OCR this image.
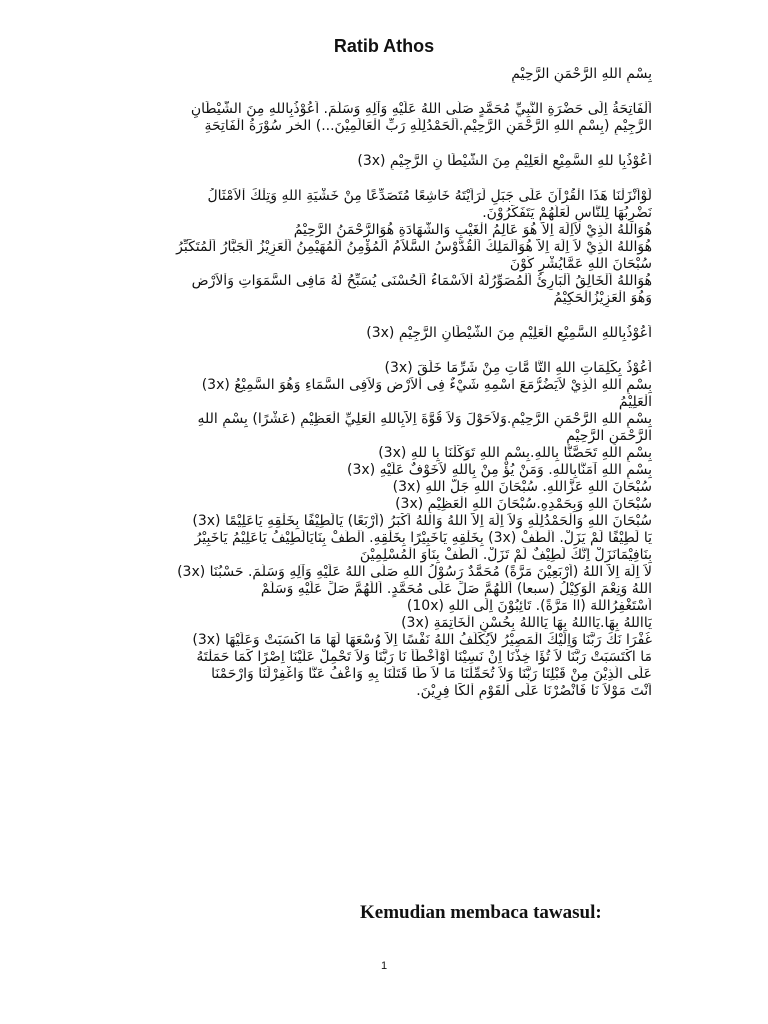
Ratib Athos
بِسْمِ اللهِ الرَّحْمَنِ الرَّحِيْمِ
اَلْفَاتِحَةُ اِلَى حَضْرَةِ النَّبِيِّ مُحَمَّدٍ صَلَّى اللهُ عَلَيْهِ وَآلِهِ وَسَلَّمَ. اَعُوْذُبِاللهِ مِنَ الشَّيْطَانِ
الرَّجِيْمِ (بِسْمِ اللهِ الرَّحْمَنِ الرَّحِيْمِ.اَلْحَمْدُلِلّٰهِ رَبِّ الْعَالَمِيْنَ...) الخر سُوْرَةُ الْفَاتِحَةِ
اَعُوْذُبِا للهِ السَّمِيْعِ الْعَلِيْمِ مِنَ الشَّيْطَا نِ الرَّجِيْمِ (3x)
لَوْاَنْزَلْنَا هَذَا الْقُرْآنَ عَلَى جَبَلٍ لَرَاَيْتَهُ خَاشِعًا مُتَصَدِّعًا مِنْ خَشْيَةِ اللهِ وَتِلْكَ اْلاَمْثَالُ
نَضْرِبُهَا لِلنَّاسِ لَعَلَّهُمْ يَتَفَكَّرُوْنَ.
هُوَاللهُ الَّذِيْ لاَاِلَهَ اِلاَّ هُوَ عَالِمُ الْغَيْبِ وَالشَّهَادَةِ هُوَالرَّحْمَنُ الرَّحِيْمُ
هُوَاللهُ الَّذِيْ لاَ اِلَهَ اِلاَّ هُوَاَلْمَلِكُ اَلْقُدُّوْسُ السَّلاَمُ اَلْمُؤْمِنُ اَلْمُهَيْمِنُ اَلْعَزِيْزُ اَلْجَبَّارُ اَلْمُتَكَبِّرُ
سُبْحَانَ اللهِ عَمَّايُشْرِ كُوْنَ
هُوَاللهُ اَلْخَالِقُ اَلْبَارِئُ اَلْمُصَوِّرُلَهُ اْلاَسْمَاءُ اَلْحُسْنَى يُسَبِّحُ لَهُ مَافِى السَّمَوَاتِ وَاْلاَرْضِ
وَهُوَ الْعَزِيْزُالْحَكِيْمُ
اَعُوْذُبِاللهِ السَّمِيْعِ الْعَلِيْمِ مِنَ الشَّيْطَانِ الرَّجِيْمِ (3x)
اَعُوْذُ بِكَلِمَاتِ اللهِ التَّا مَّاتِ مِنْ شَرِّمَا خَلَقَ (3x)
بِسْمِ اللهِ الَّذِيْ لاَيَضُرُّمَعَ اسْمِهِ شَيْءٌ فِى اْلاَرْضِ وَلاَفِى السَّمَاءِ وَهُوَ السَّمِيْعُ (3x)
الْعَلِيْمُ
بِسْمِ اللهِ الرَّحْمَنِ الرَّحِيْمِ.وَلاَحَوْلَ وَلاَ قُوَّةَ اِلاَّبِاللهِ الْعَلِيِّ الْعَظِيْمِ (عَشْرًا) بِسْمِ اللهِ
الرَّحْمَنِ الرَّحِيْمِ
بِسْمِ اللهِ تَحَصَّنَّا بِاللهِ.بِسْمِ اللهِ تَوَكَّلْنَا بِا للهِ (3x)
بِسْمِ اللهِ آمَنَّابِاللهِ. وَمَنْ يُؤْ مِنْ بِاللهِ لاَخَوْفٌ عَلَيْهِ (3x)
سُبْحَانَ اللهِ عَزَّاللهِ. سُبْحَانَ اللهِ جَلَّ اللهِ (3x)
سُبْحَانَ اللهِ وَبِحَمْدِهِ.سُبْحَانَ اللهِ الْعَظِيْمِ (3x)
سُبْحَانَ اللهِ وَالْحَمْدُلِلّٰهِ وَلاَ اِلَهَ اِلاَّ اللهُ وَاللهُ اَكْبَرُ (اَرْبَعًا) يَالَطِيْفًا بِخَلْقِهِ يَاعَلِيْمًا (3x)
يَا لَطِيْفًا لَمْ يَزَلْ. اُلْطُفْ (3x) بِخَلْقِهِ يَاخَبِيْرًا بِخَلْقِهِ. اُلْطُفْ بِنَايَالَطِيْفُ يَاعَلِيْمُ يَاخَبِيْرُ
بِنَافِيْمَانَزَلْ اِنَّكَ لَطِيْفٌ لَمْ تَزَلْ. اُلْطُفْ بِنَاوَ الْمُسْلِمِيْنَ
لاَ اِلَهَ اِلاَّ اللهُ (اَرْبَعِيْنَ مَرَّةً) مُحَمَّدٌ رَسُوْلُ اللهِ صَلَّى اللهُ عَلَيْهِ وَآلِهِ وَسَلَّمَ. حَسْبُنَا (3x)
اللهُ وَنِعْمَ الْوَكِيْلُ (سبعا) اَللّٰهُمَّ صَلِّ عَلَى مُحَمَّدٍ. اَللّٰهُمَّ صَلِّ عَلَيْهِ وَسَلِّمْ
اَسْتَغْفِرُاللهَ (اا مَرَّةً). تَائِبُوْنَ اِلَى اللهِ (10x)
يَااللهُ بِهَا.يَااللهُ بِهَا يَااللهُ بِحُسْنِ الْخَاتِمَةِ (3x)
غُفْرَا نَكَ رَبَّنَا وَاِلَيْكَ الْمَصِيْرُ لاَيُكَلِّفُ اللهُ نَفْسًا اِلاَّ وُسْعَهَا لَهَا مَا اكْسَبَتْ وَعَلَيْهَا (3x)
مَا اكْتَسَبَتْ رَبَّنَا لاَ تُؤَا خِذْنَا اِنْ نَسِيْنَا اَوْاَخْطَأْ نَا رَبَّنَا وَلاَ تَحْمِلْ عَلَيْنَا اِصْرًا كَمَا حَمَلْتَهُ
عَلَى الَّذِيْنَ مِنْ قَبْلِنَا رَبَّنَا وَلاَ تُحَمِّلْنَا مَا لاَ طَا قَتَلَنَا بِهِ وَاعْفُ عَنَّا وَاغْفِرْلَنَا وَارْحَمْنَا
اَنْتَ مَوْلاَ نَا فَانْصُرْنَا عَلَى اْلقَوْمِ اْلكَا فِرِيْنَ.
Kemudian membaca tawasul:
1
